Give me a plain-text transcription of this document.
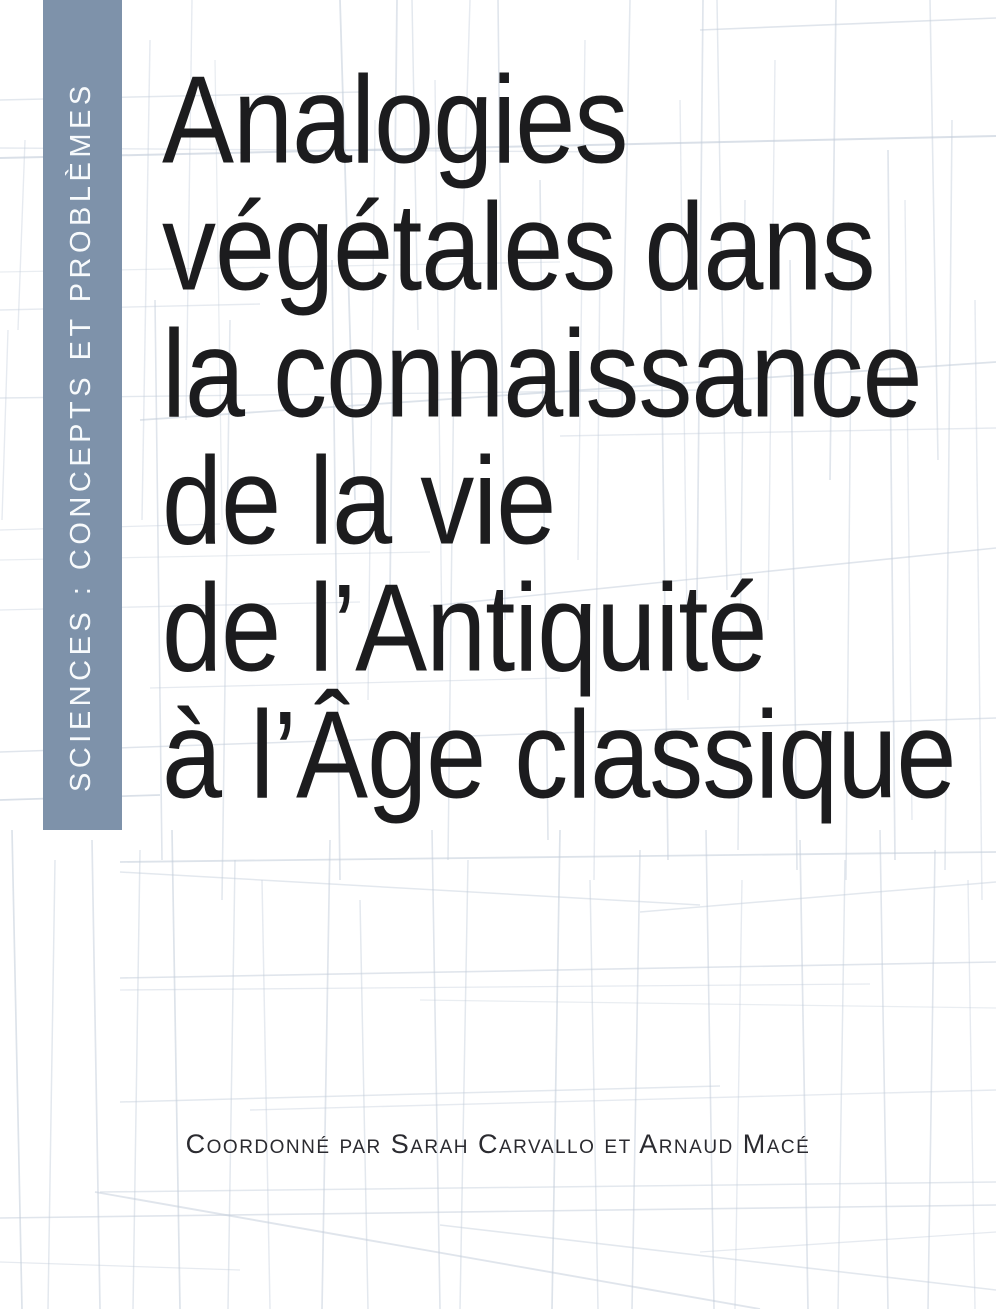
SCIENCES : CONCEPTS ET PROBLÈMES Analogies
végétales dans
la connaissance
de la vie
de l’Antiquité
à l’Âge classique
Coordonné par Sarah Carvallo et Arnaud Macé
